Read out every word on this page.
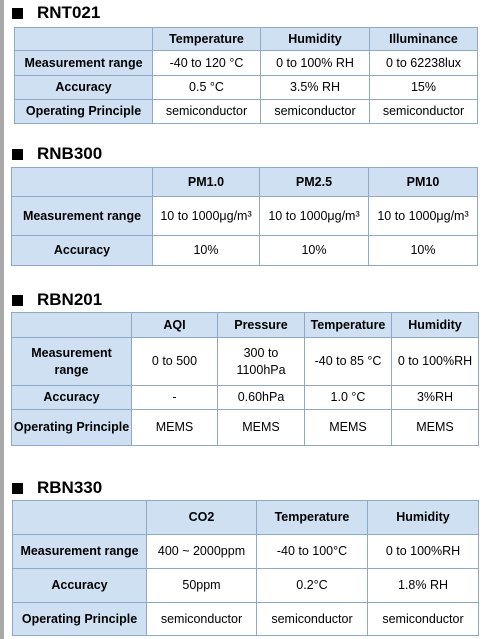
RNT021
	Temperature	Humidity	Illuminance
Measurement range	-40 to 120 °C	0 to 100% RH	0 to 62238lux
Accuracy	0.5 °C	3.5% RH	15%
Operating Principle	semiconductor	semiconductor	semiconductor
RNB300
	PM1.0	PM2.5	PM10
Measurement range	10 to 1000μg/m³	10 to 1000μg/m³	10 to 1000μg/m³
Accuracy	10%	10%	10%
RBN201
	AQI	Pressure	Temperature	Humidity
Measurement range	0 to 500	300 to 1100hPa	-40 to 85 °C	0 to 100%RH
Accuracy	-	0.60hPa	1.0 °C	3%RH
Operating Principle	MEMS	MEMS	MEMS	MEMS
RBN330
	CO2	Temperature	Humidity
Measurement range	400 ~ 2000ppm	-40 to 100°C	0 to 100%RH
Accuracy	50ppm	0.2°C	1.8% RH
Operating Principle	semiconductor	semiconductor	semiconductor
